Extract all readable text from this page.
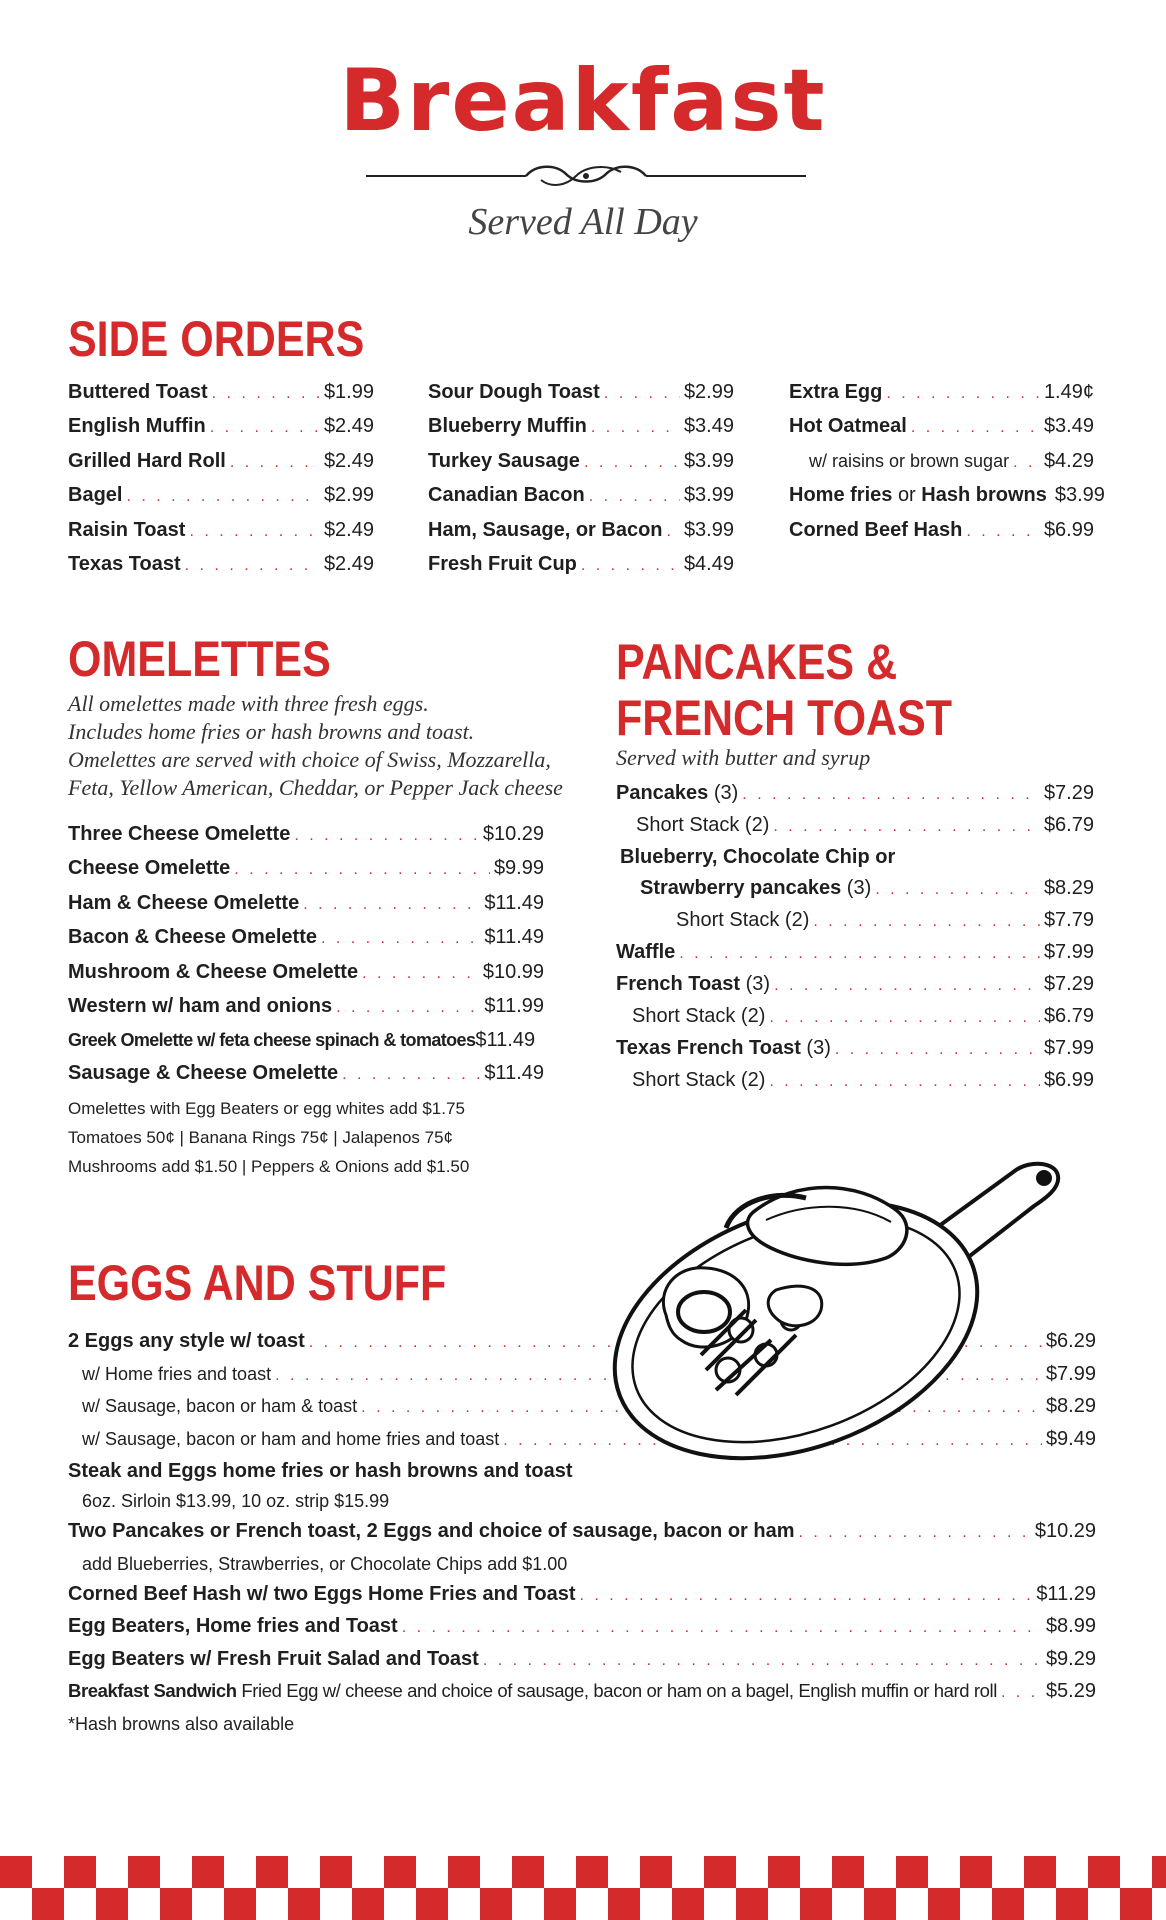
Breakfast
Served All Day
SIDE ORDERS
Buttered Toast . . .	$1.99
English Muffin . . .	$2.49
Grilled Hard Roll . . .	$2.49
Bagel . . .	$2.99
Raisin Toast . . .	$2.49
Texas Toast . . .	$2.49
Sour Dough Toast . . .	$2.99
Blueberry Muffin . . .	$3.49
Turkey Sausage . . .	$3.99
Canadian Bacon . . .	$3.99
Ham, Sausage, or Bacon . . . $3.99
Fresh Fruit Cup . . .	$4.49
Extra Egg . . .	1.49¢
Hot Oatmeal . . .	$3.49
w/ raisins or brown sugar . . . $4.29
Home fries or Hash browns $3.99
Corned Beef Hash . . .	$6.99
OMELETTES
All omelettes made with three fresh eggs.
Includes home fries or hash browns and toast.
Omelettes are served with choice of Swiss, Mozzarella,
Feta, Yellow American, Cheddar, or Pepper Jack cheese
Three Cheese Omelette . . .	$10.29
Cheese Omelette . . .	$9.99
Ham & Cheese Omelette . . .	$11.49
Bacon & Cheese Omelette . . .	$11.49
Mushroom & Cheese Omelette . . .	$10.99
Western w/ ham and onions . . .	$11.99
Greek Omelette w/ feta cheese spinach & tomatoes $11.49
Sausage & Cheese Omelette . . .	$11.49
Omelettes with Egg Beaters or egg whites add $1.75
Tomatoes 50¢ | Banana Rings 75¢ | Jalapenos 75¢
Mushrooms add $1.50 | Peppers & Onions add $1.50
PANCAKES &
FRENCH TOAST
Served with butter and syrup
Pancakes (3) . . .	$7.29
Short Stack (2) . . .	$6.79
Blueberry, Chocolate Chip or
Strawberry pancakes (3) . . .	$8.29
Short Stack (2) . . .	$7.79
Waffle . . .	$7.99
French Toast (3) . . .	$7.29
Short Stack (2) . . .	$6.79
Texas French Toast (3) . . .	$7.99
Short Stack (2) . . .	$6.99
EGGS AND STUFF
2 Eggs any style w/ toast . . .	$6.29
w/ Home fries and toast . . .	$7.99
w/ Sausage, bacon or ham & toast . . .	$8.29
w/ Sausage, bacon or ham and home fries and toast . . .	$9.49
Steak and Eggs home fries or hash browns and toast
6oz. Sirloin $13.99, 10 oz. strip $15.99
Two Pancakes or French toast, 2 Eggs and choice of sausage, bacon or ham . . .	$10.29
add Blueberries, Strawberries, or Chocolate Chips add $1.00
Corned Beef Hash w/ two Eggs Home Fries and Toast . . .	$11.29
Egg Beaters, Home fries and Toast . . .	$8.99
Egg Beaters w/ Fresh Fruit Salad and Toast . . .	$9.29
Breakfast Sandwich Fried Egg w/ cheese and choice of sausage, bacon or ham on a bagel, English muffin or hard roll . . . $5.29
*Hash browns also available
